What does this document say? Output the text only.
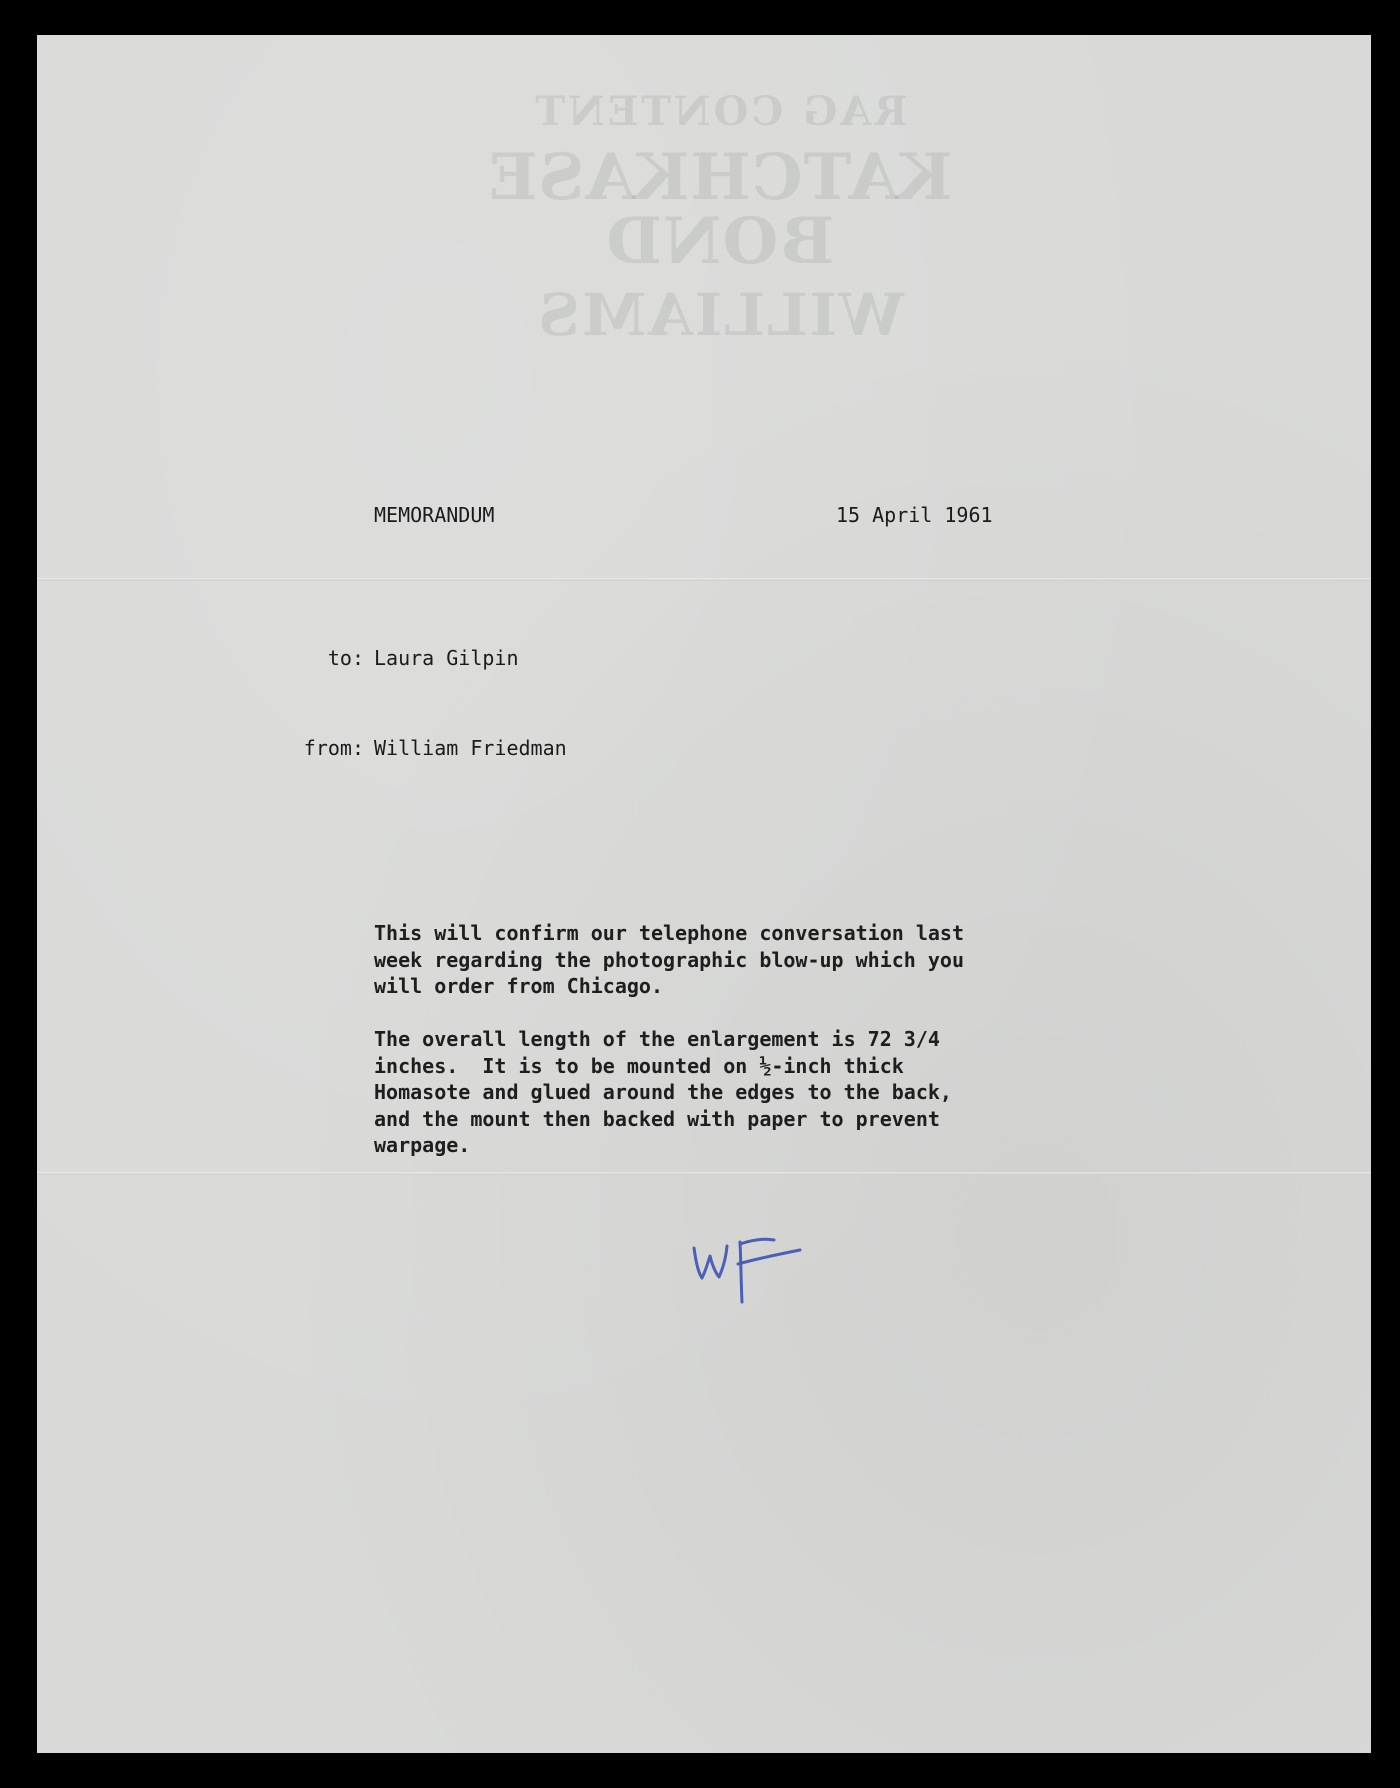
RAG CONTENT
KATCHKASE BOND
WILLIAMS
MEMORANDUM	15 April 1961
to: Laura Gilpin
from: William Friedman
This will confirm our telephone conversation last
week regarding the photographic blow-up which you
will order from Chicago.
The overall length of the enlargement is 72 3/4
inches.  It is to be mounted on ½-inch thick
Homasote and glued around the edges to the back,
and the mount then backed with paper to prevent
warpage.
